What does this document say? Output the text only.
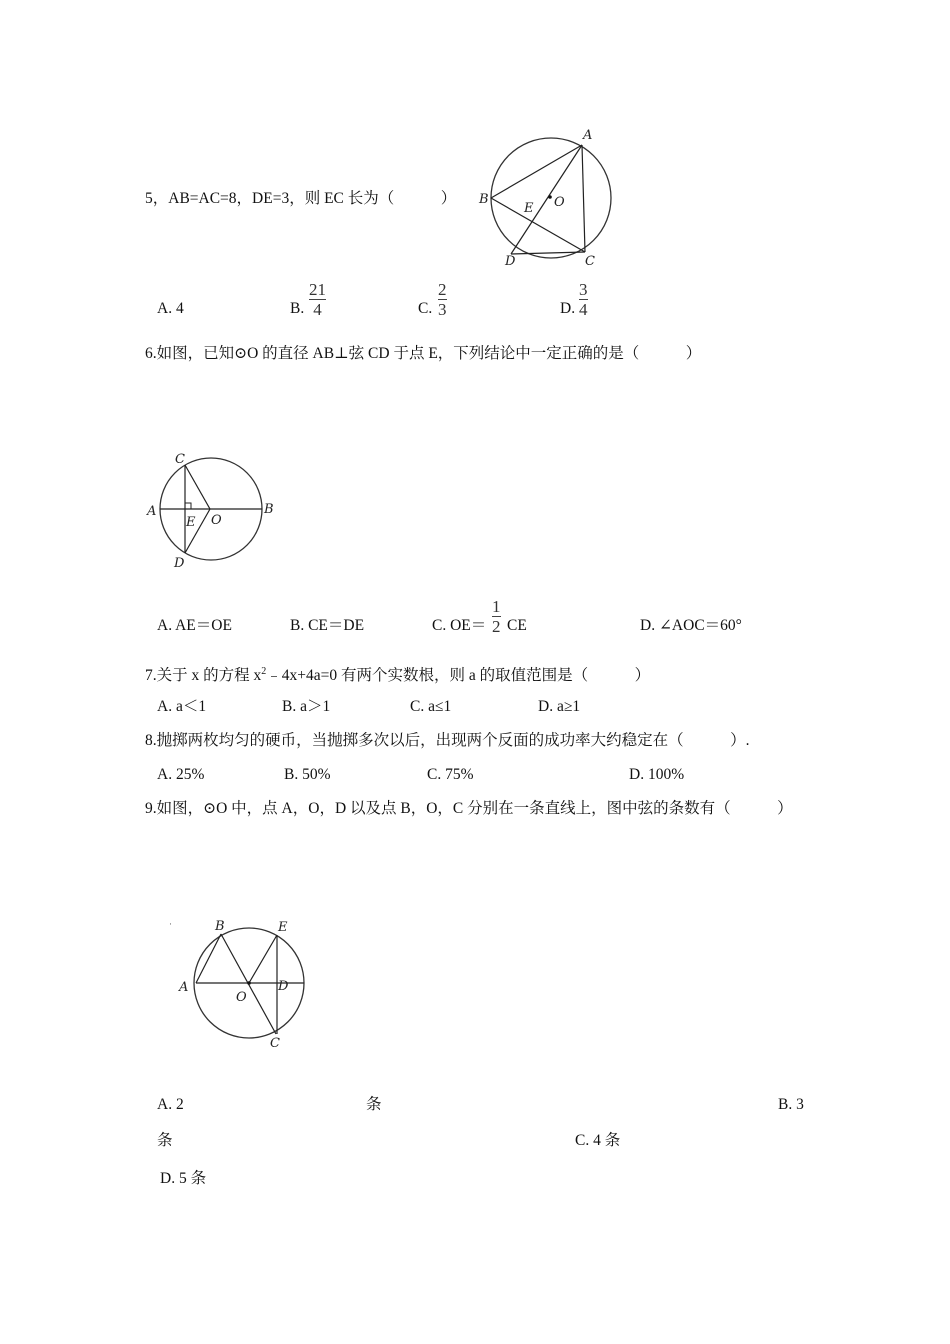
5，AB=AC=8，DE=3，则 EC 长为（　　　）
A
B
C
D
E O
A. 4	B.
21
4	C.
2
3	D.
3
4
6.如图，已知⊙O 的直径 AB⊥弦 CD 于点 E，下列结论中一定正确的是（　　　）
A	B
C
D
E O
A. AE＝OE	B. CE＝DE	C. OE＝
1
2 CE	D. ∠AOC＝60°
7.关于 x 的方程 $x^2﹣4x+4a=0$ 有两个实数根，则 a 的取值范围是（　　　）
A. a＜1	B. a＞1	C. a≤1	D. a≥1
8.抛掷两枚均匀的硬币，当抛掷多次以后，出现两个反面的成功率大约稳定在（　　　）.
A. 25%	B. 50%	C. 75%	D. 100%
9.如图，⊙O 中，点 A，O，D 以及点 B，O，C 分别在一条直线上，图中弦的条数有（　　　）
·	B	E
A	D
O
C
A. 2	条	B. 3
条	C. 4 条
D. 5 条
